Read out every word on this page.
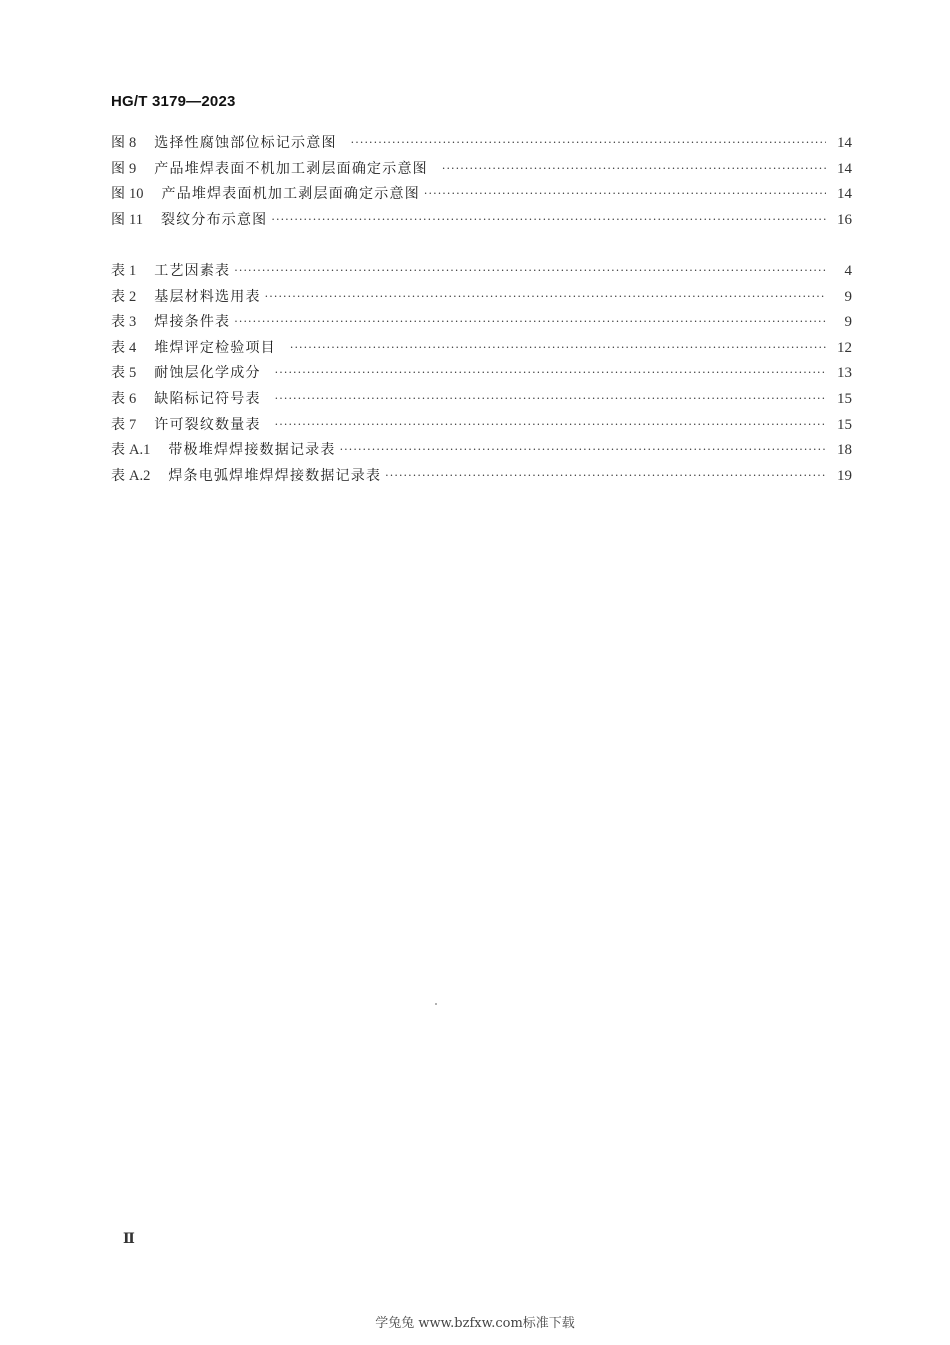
HG/T 3179—2023
图 8 选择性腐蚀部位标记示意图 ·····	14
图 9 产品堆焊表面不机加工剥层面确定示意图 ·····	14
图 10 产品堆焊表面机加工剥层面确定示意图 ·····	14
图 11 裂纹分布示意图 ·····	16
表 1 工艺因素表 ·····	4
表 2 基层材料选用表 ·····	9
表 3 焊接条件表 ·····	9
表 4 堆焊评定检验项目 ·····	12
表 5 耐蚀层化学成分 ·····	13
表 6 缺陷标记符号表 ·····	15
表 7 许可裂纹数量表 ·····	15
表 A.1 带极堆焊焊接数据记录表 ·····	18
表 A.2 焊条电弧焊堆焊焊接数据记录表 ·····	19
Ⅱ
学兔兔 www.bzfxw.com标准下载
